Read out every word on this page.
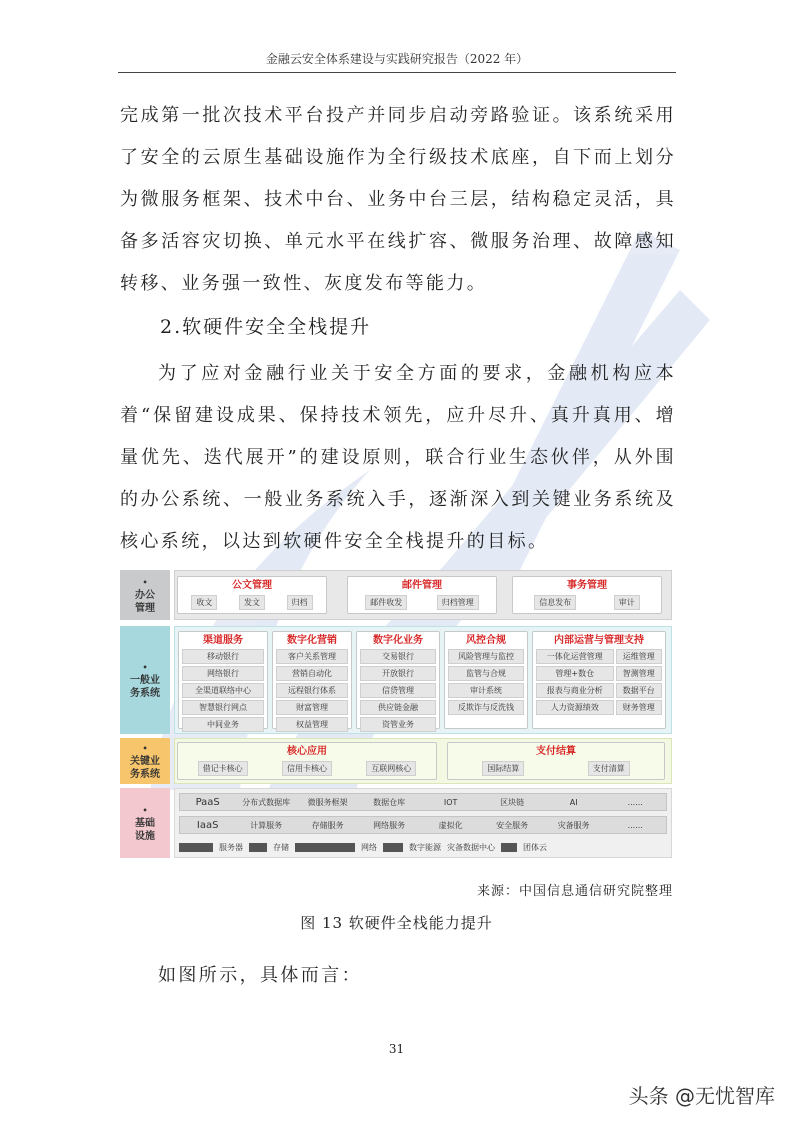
金融云安全体系建设与实践研究报告（2022 年）
完成第一批次技术平台投产并同步启动旁路验证。该系统采用了安全的云原生基础设施作为全行级技术底座，自下而上划分为微服务框架、技术中台、业务中台三层，结构稳定灵活，具备多活容灾切换、单元水平在线扩容、微服务治理、故障感知转移、业务强一致性、灰度发布等能力。
2.软硬件安全全栈提升
为了应对金融行业关于安全方面的要求，金融机构应本着“保留建设成果、保持技术领先，应升尽升、真升真用、增量优先、迭代展开”的建设原则，联合行业生态伙伴，从外围的办公系统、一般业务系统入手，逐渐深入到关键业务系统及核心系统，以达到软硬件安全全栈提升的目标。
•
办公
管理
公文管理
收文	发文	归档
邮件管理
邮件收发	归档管理
事务管理
信息发布	审计
•
一般业
务系统
渠道服务
移动银行
网络银行
全渠道联络中心
智慧银行网点
中间业务
数字化营销
客户关系管理
营销自动化
远程银行体系
财富管理
权益管理
数字化业务
交易银行
开放银行
信贷管理
供应链金融
资管业务
风控合规
风险管理与监控
监管与合规
审计系统
反欺诈与反洗钱
内部运营与管理支持
一体化运营管理	运维管理
管理+数仓	智测管理
报表与商业分析	数据平台
人力资源绩效	财务管理
•
关键业
务系统
核心应用
借记卡核心	信用卡核心	互联网核心
支付结算
国际结算	支付清算
•
基础
设施
PaaS	分布式数据库	微服务框架	数据仓库	IOT	区块链	AI	......
IaaS	计算服务	存储服务	网络服务	虚拟化	安全服务	灾备服务	......
服务器	存储	网络	数字能源 灾备数据中心	团体云
来源：中国信息通信研究院整理
图 13 软硬件全栈能力提升
如图所示，具体而言：
31
头条 @无忧智库
